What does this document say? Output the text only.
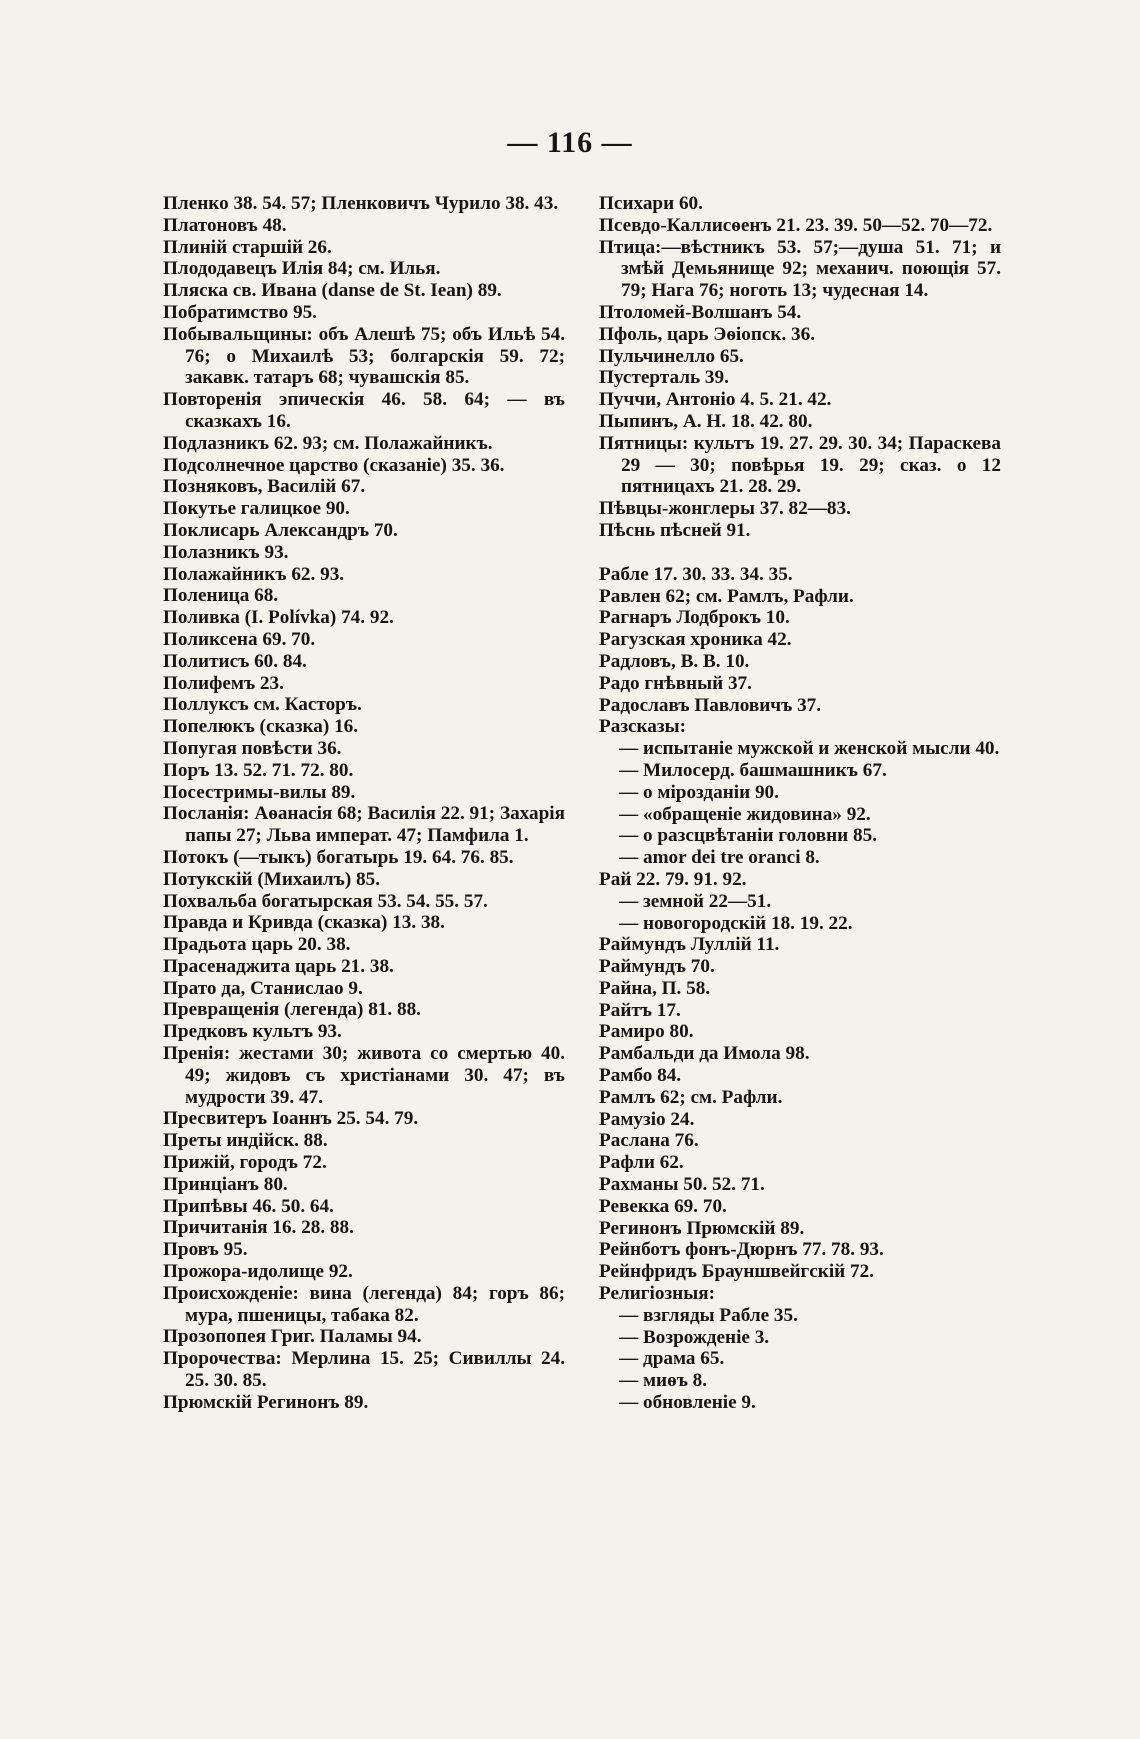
— 116 —
Пленко 38. 54. 57; Пленковичъ Чурило 38. 43.
Платоновъ 48.
Плиній старшій 26.
Плододавецъ Илія 84; см. Илья.
Пляска св. Ивана (danse de St. Iean) 89.
Побратимство 95.
Побывальщины: объ Алешѣ 75; объ Ильѣ 54. 76; о Михаилѣ 53; болгарскія 59. 72; закавк. татаръ 68; чувашскія 85.
Повторенія эпическія 46. 58. 64; — въ сказкахъ 16.
Подлазникъ 62. 93; см. Полажайникъ.
Подсолнечное царство (сказаніе) 35. 36.
Позняковъ, Василій 67.
Покутье галицкое 90.
Поклисарь Александръ 70.
Полазникъ 93.
Полажайникъ 62. 93.
Поленица 68.
Поливка (I. Polívka) 74. 92.
Поликсена 69. 70.
Политисъ 60. 84.
Полифемъ 23.
Поллуксъ см. Касторъ.
Попелюкъ (сказка) 16.
Попугая повѣсти 36.
Поръ 13. 52. 71. 72. 80.
Посестримы-вилы 89.
Посланія: Аѳанасія 68; Василія 22. 91; Захарія папы 27; Льва императ. 47; Памфила 1.
Потокъ (—тыкъ) богатырь 19. 64. 76. 85.
Потукскій (Михаилъ) 85.
Похвальба богатырская 53. 54. 55. 57.
Правда и Кривда (сказка) 13. 38.
Прадьота царь 20. 38.
Прасенаджита царь 21. 38.
Прато да, Станислао 9.
Превращенія (легенда) 81. 88.
Предковъ культъ 93.
Пренія: жестами 30; живота со смертью 40. 49; жидовъ съ христіанами 30. 47; въ мудрости 39. 47.
Пресвитеръ Іоаннъ 25. 54. 79.
Преты индійск. 88.
Прижій, городъ 72.
Принціанъ 80.
Припѣвы 46. 50. 64.
Причитанія 16. 28. 88.
Провъ 95.
Прожора-идолище 92.
Происхожденіе: вина (легенда) 84; горъ 86; мура, пшеницы, табака 82.
Прозопопея Григ. Паламы 94.
Пророчества: Мерлина 15. 25; Сивиллы 24. 25. 30. 85.
Прюмскій Регинонъ 89.
Психари 60.
Псевдо-Каллисѳенъ 21. 23. 39. 50—52. 70—72.
Птица:—вѣстникъ 53. 57;—душа 51. 71; и змѣй Демьянище 92; механич. поющія 57. 79; Нага 76; ноготь 13; чудесная 14.
Птоломей-Волшанъ 54.
Пфоль, царь Эѳіопск. 36.
Пульчинелло 65.
Пустерталь 39.
Пуччи, Антоніо 4. 5. 21. 42.
Пыпинъ, А. Н. 18. 42. 80.
Пятницы: культъ 19. 27. 29. 30. 34; Параскева 29 — 30; повѣрья 19. 29; сказ. о 12 пятницахъ 21. 28. 29.
Пѣвцы-жонглеры 37. 82—83.
Пѣснь пѣсней 91.
Рабле 17. 30. 33. 34. 35.
Равлен 62; см. Рамлъ, Рафли.
Рагнаръ Лодброкъ 10.
Рагузская хроника 42.
Радловъ, В. В. 10.
Радо гнѣвный 37.
Радославъ Павловичъ 37.
Разсказы:
— испытаніе мужской и женской мысли 40.
— Милосерд. башмашникъ 67.
— о мірозданіи 90.
— «обращеніе жидовина» 92.
— о разсцвѣтаніи головни 85.
— amor dei tre oranci 8.
Рай 22. 79. 91. 92.
— земной 22—51.
— новогородскій 18. 19. 22.
Раймундъ Луллій 11.
Раймундъ 70.
Райна, П. 58.
Райтъ 17.
Рамиро 80.
Рамбальди да Имола 98.
Рамбо 84.
Рамлъ 62; см. Рафли.
Рамузіо 24.
Раслана 76.
Рафли 62.
Рахманы 50. 52. 71.
Ревекка 69. 70.
Регинонъ Прюмскій 89.
Рейнботъ фонъ-Дюрнъ 77. 78. 93.
Рейнфридъ Брауншвейгскій 72.
Религіозныя:
— взгляды Рабле 35.
— Возрожденіе 3.
— драма 65.
— миѳъ 8.
— обновленіе 9.
